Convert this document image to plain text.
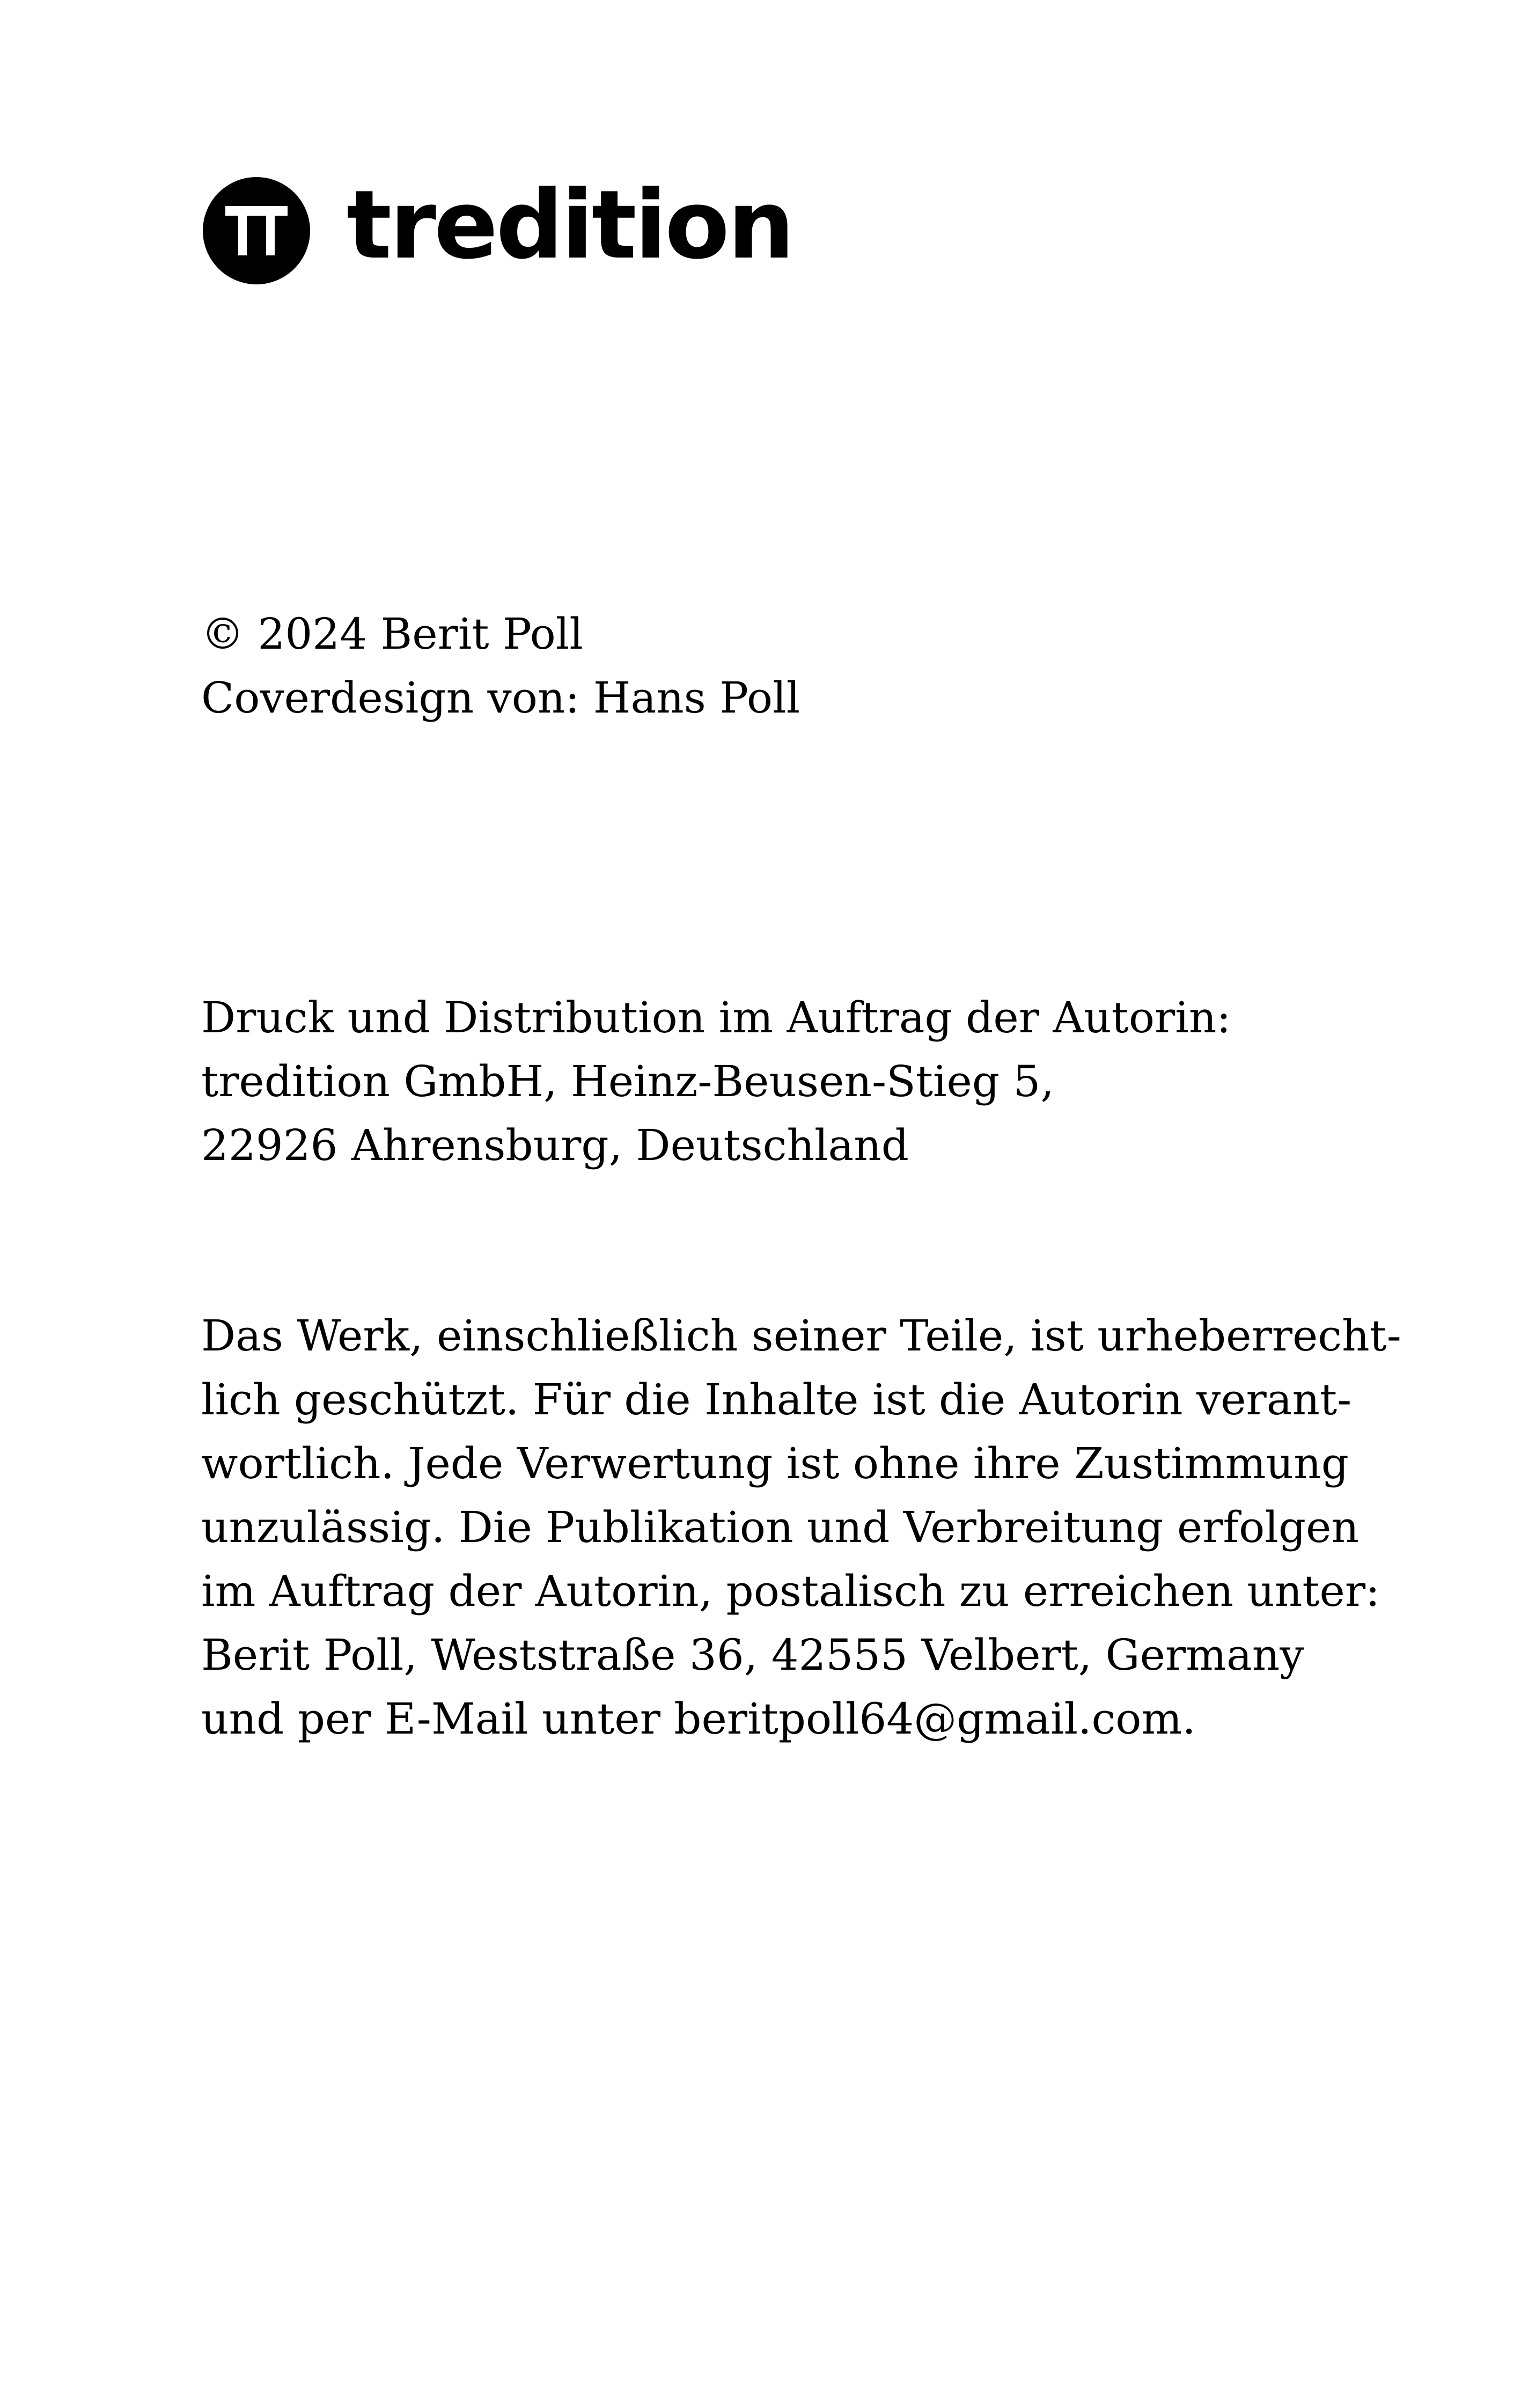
tredition
© 2024 Berit Poll
Coverdesign von: Hans Poll
Druck und Distribution im Auftrag der Autorin:
tredition GmbH, Heinz-Beusen-Stieg 5,
22926 Ahrensburg, Deutschland
Das Werk, einschließlich seiner Teile, ist urheberrecht-
lich geschützt. Für die Inhalte ist die Autorin verant-
wortlich. Jede Verwertung ist ohne ihre Zustimmung
unzulässig. Die Publikation und Verbreitung erfolgen
im Auftrag der Autorin, postalisch zu erreichen unter:
Berit Poll, Weststraße 36, 42555 Velbert, Germany
und per E-Mail unter beritpoll64@gmail.com.
